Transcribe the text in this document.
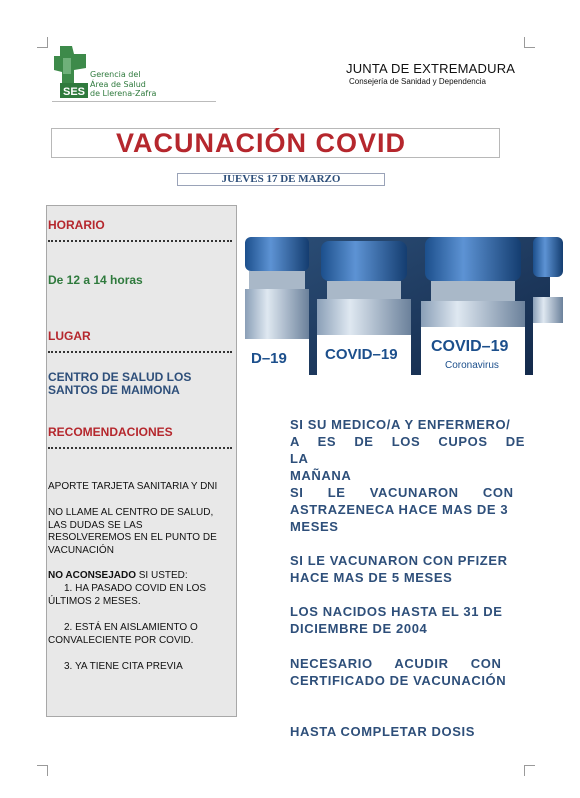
SES
Gerencia del
Área de Salud
de Llerena-Zafra
JUNTA DE EXTREMADURA
Consejería de Sanidad y Dependencia
VACUNACIÓN COVID
JUEVES 17 DE MARZO
HORARIO
De 12 a 14 horas
LUGAR
CENTRO DE SALUD LOS
SANTOS DE MAIMONA
RECOMENDACIONES
APORTE TARJETA SANITARIA Y DNI
NO LLAME AL CENTRO DE SALUD,
LAS DUDAS SE LAS
RESOLVEREMOS EN EL PUNTO DE
VACUNACIÓN
NO ACONSEJADO SI USTED:
1. HA PASADO COVID EN LOS
ÚLTIMOS 2 MESES.
2. ESTÁ EN AISLAMIENTO O
CONVALECIENTE POR COVID.
3. YA TIENE CITA PREVIA
D–19	COVID–19 COVID–19
Coronavirus
SI SU MEDICO/A Y ENFERMERO/
A ES DE LOS CUPOS DE LA
MAÑANA
SI LE VACUNARON CON
ASTRAZENECA HACE MAS DE 3
MESES
SI LE VACUNARON CON PFIZER
HACE MAS DE 5 MESES
LOS NACIDOS HASTA EL 31 DE
DICIEMBRE DE 2004
NECESARIO ACUDIR CON
CERTIFICADO DE VACUNACIÓN
HASTA COMPLETAR DOSIS
